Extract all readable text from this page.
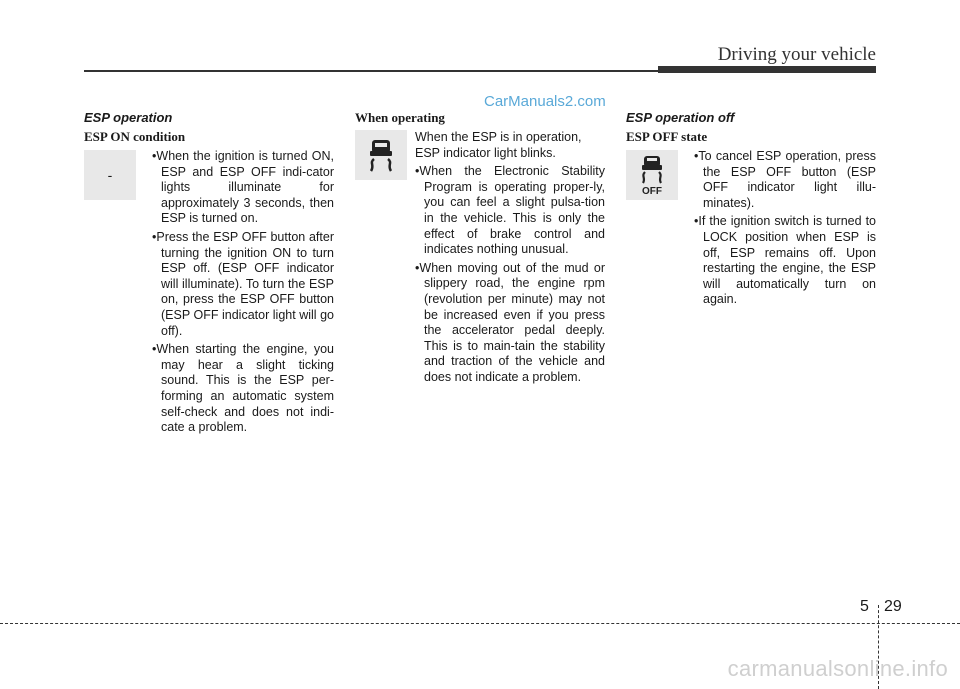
Driving your vehicle
CarManuals2.com
ESP operation
ESP ON condition
• When the ignition is turned ON, ESP and ESP OFF indi-cator lights illuminate for approximately 3 seconds, then ESP is turned on.
• Press the ESP OFF button after turning the ignition ON to turn ESP off. (ESP OFF indicator will illuminate). To turn the ESP on, press the ESP OFF button (ESP OFF indicator light will go off).
• When starting the engine, you may hear a slight ticking sound. This is the ESP per-forming an automatic system self-check and does not indi-cate a problem.
-
When operating
When the ESP is in operation, ESP indicator light blinks.
• When the Electronic Stability Program is operating proper-ly, you can feel a slight pulsa-tion in the vehicle. This is only the effect of brake control and indicates nothing unusual.
• When moving out of the mud or slippery road, the engine rpm (revolution per minute) may not be increased even if you press the accelerator pedal deeply. This is to main-tain the stability and traction of the vehicle and does not indicate a problem.
ESP operation off
ESP OFF state
• To cancel ESP operation, press the ESP OFF button (ESP OFF indicator light illu-minates).
• If the ignition switch is turned to LOCK position when ESP is off, ESP remains off. Upon restarting the engine, the ESP will automatically turn on again.
OFF
5 29
carmanualsonline.info
